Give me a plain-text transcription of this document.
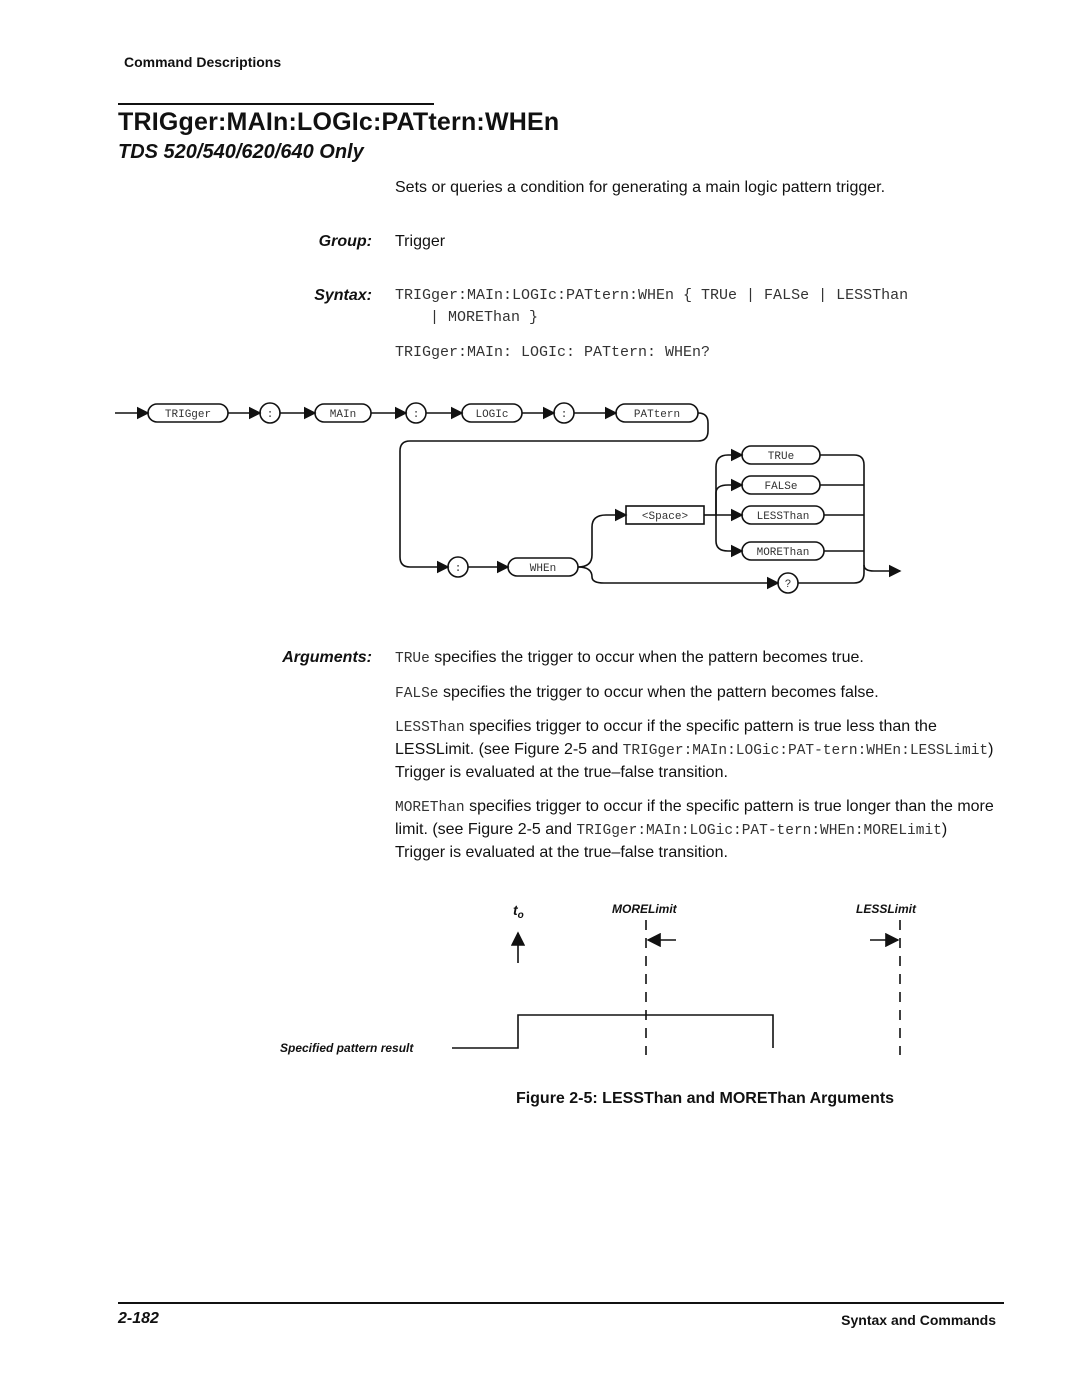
Command Descriptions
TRIGger:MAIn:LOGIc:PATtern:WHEn
TDS 520/540/620/640 Only
Sets or queries a condition for generating a main logic pattern trigger.
Group: Trigger
Syntax: TRIGger:MAIn:LOGIc:PATtern:WHEn { TRUe | FALSe | LESSThan
| MOREThan }
TRIGger:MAIn: LOGIc: PATtern: WHEn?
TRIGger	:	MAIn	:	LOGIc	:	PATtern
:	WHEn
<Space>
TRUe
FALSe
LESSThan
MOREThan
?
Arguments: TRUe specifies the trigger to occur when the pattern becomes true.
FALSe specifies the trigger to occur when the pattern becomes false.
LESSThan specifies trigger to occur if the specific pattern is true less than the LESSLimit. (see Figure 2-5 and TRIGger:MAIn:LOGic:PAT-tern:WHEn:LESSLimit) Trigger is evaluated at the true–false transition.
MOREThan specifies trigger to occur if the specific pattern is true longer than the more limit. (see Figure 2-5 and TRIGger:MAIn:LOGic:PAT-tern:WHEn:MORELimit) Trigger is evaluated at the true–false transition.
$t_o$	MORELimit	LESSLimit
Specified pattern result
Figure 2-5: LESSThan and MOREThan Arguments
2-182	Syntax and Commands
